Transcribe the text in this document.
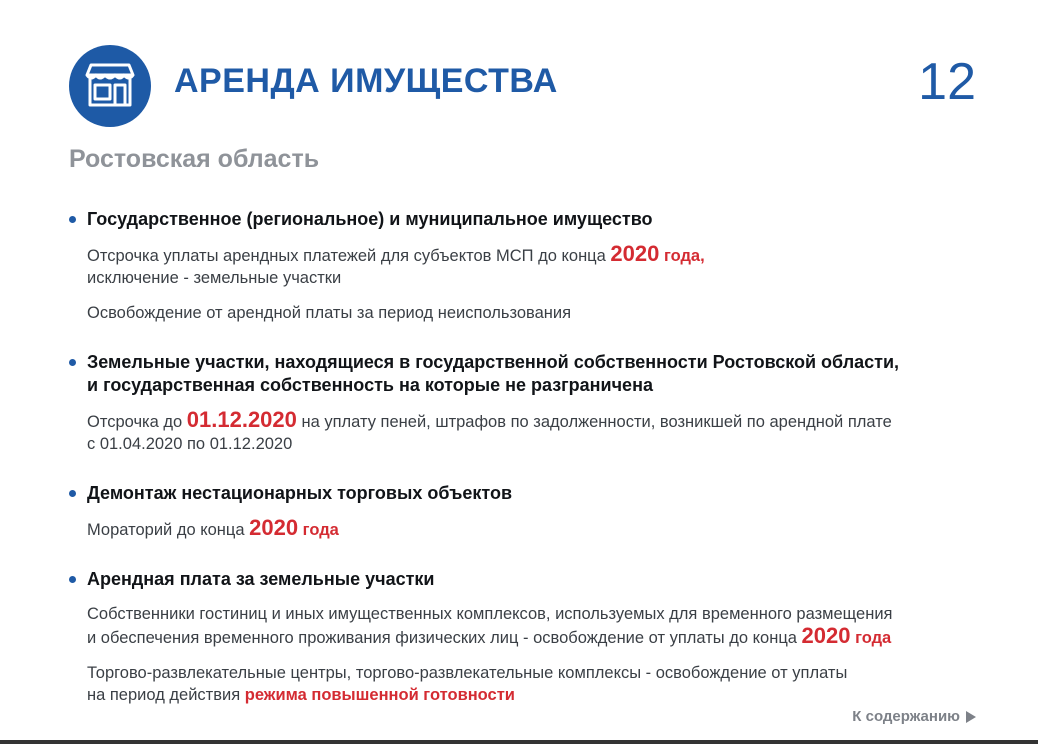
АРЕНДА ИМУЩЕСТВА	12
Ростовская область
Государственное (региональное) и муниципальное имущество
Отсрочка уплаты арендных платежей для субъектов МСП до конца 2020 года,
исключение - земельные участки
Освобождение от арендной платы за период неиспользования
Земельные участки, находящиеся в государственной собственности Ростовской области,
и государственная собственность на которые не разграничена
Отсрочка до 01.12.2020 на уплату пеней, штрафов по задолженности, возникшей по арендной плате
с 01.04.2020 по 01.12.2020
Демонтаж нестационарных торговых объектов
Мораторий до конца 2020 года
Арендная плата за земельные участки
Собственники гостиниц и иных имущественных комплексов, используемых для временного размещения
и обеспечения временного проживания физических лиц - освобождение от уплаты до конца 2020 года
Торгово-развлекательные центры, торгово-развлекательные комплексы - освобождение от уплаты
на период действия режима повышенной готовности
К содержанию
